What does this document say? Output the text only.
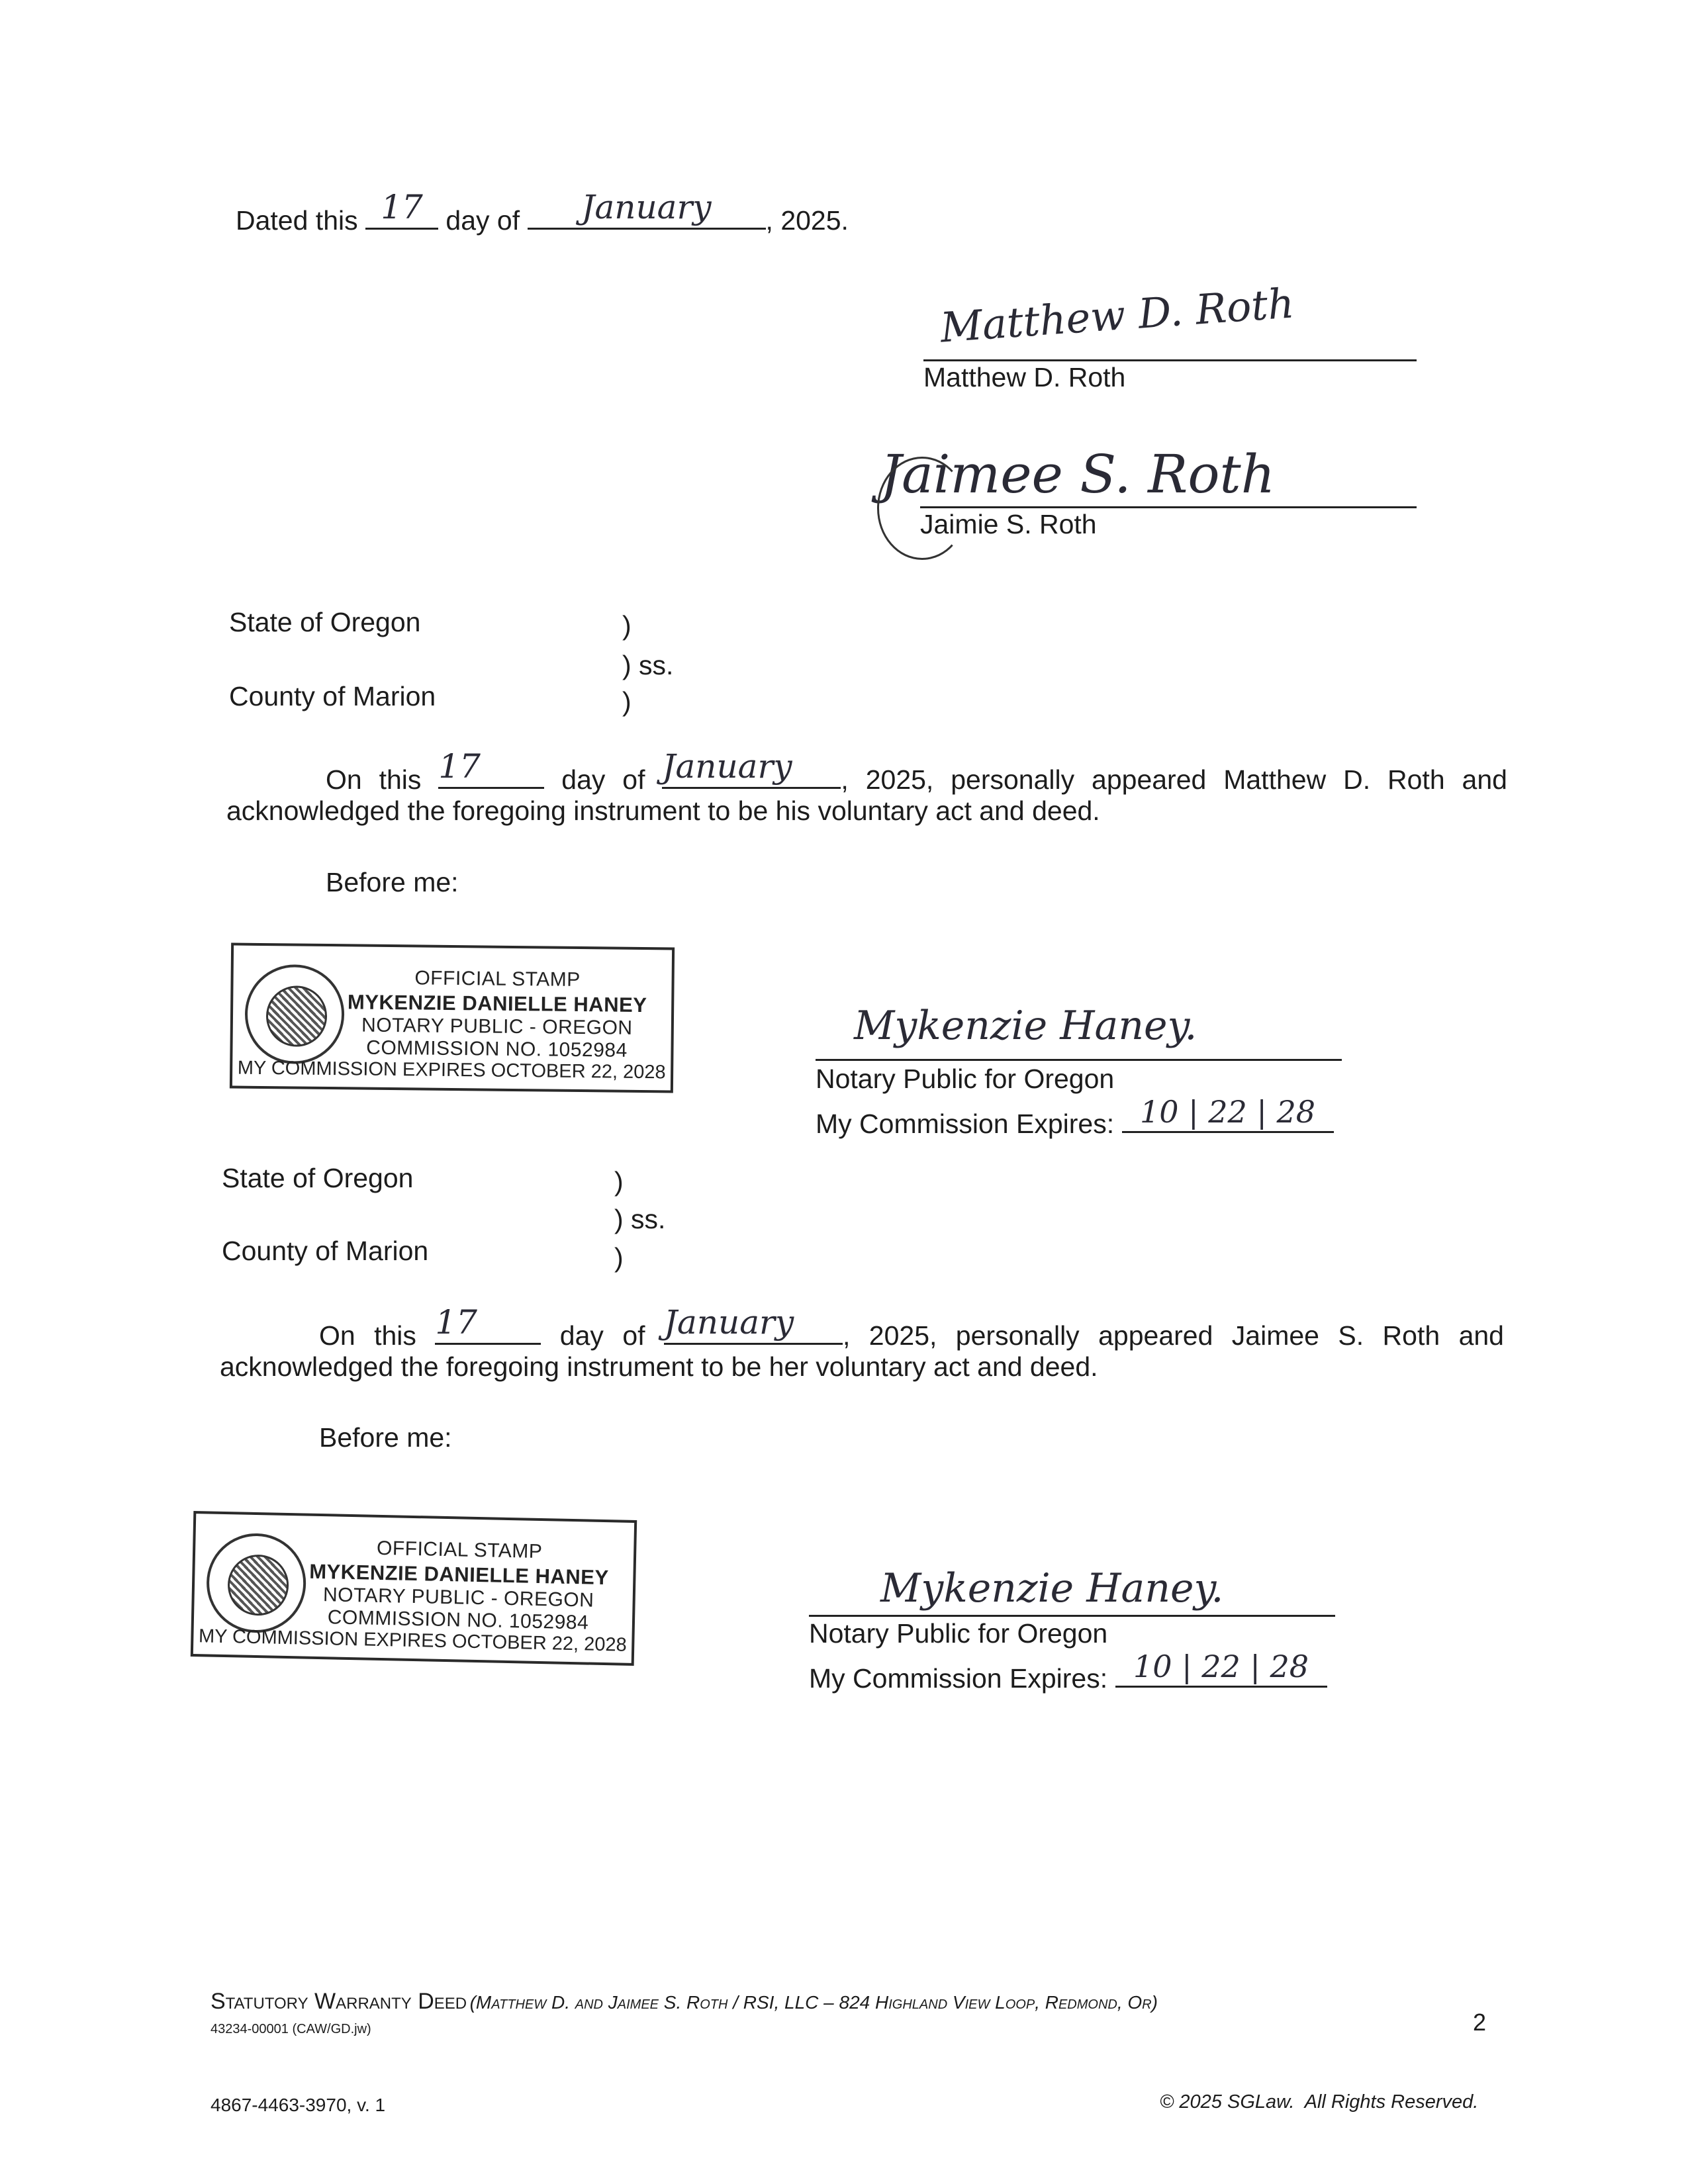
Dated this 17 day of	January	, 2025.
Matthew D. Roth
Matthew D. Roth
Jaimee S. Roth
Jaimie S. Roth
State of Oregon	)
) ss.
County of Marion	)
On this 17	day of January	, 2025, personally appeared Matthew D. Roth and
acknowledged the foregoing instrument to be his voluntary act and deed.
Before me:
OFFICIAL STAMP
MYKENZIE DANIELLE HANEY
NOTARY PUBLIC - OREGON
COMMISSION NO. 1052984
MY COMMISSION EXPIRES OCTOBER 22, 2028
Mykenzie Haney.
Notary Public for Oregon
My Commission Expires: 10 | 22 | 28
State of Oregon	)
) ss.
County of Marion	)
On this 17	day of January	, 2025, personally appeared Jaimee S. Roth and
acknowledged the foregoing instrument to be her voluntary act and deed.
Before me:
OFFICIAL STAMP
MYKENZIE DANIELLE HANEY
NOTARY PUBLIC - OREGON
COMMISSION NO. 1052984
MY COMMISSION EXPIRES OCTOBER 22, 2028
Mykenzie Haney.
Notary Public for Oregon
My Commission Expires: 10 | 22 | 28
Statutory Warranty Deed (Matthew D. and Jaimee S. Roth / RSI, LLC – 824 Highland View Loop, Redmond, Or)
43234-00001 (CAW/GD.jw)	2
4867-4463-3970, v. 1	© 2025 SGLaw.  All Rights Reserved.
